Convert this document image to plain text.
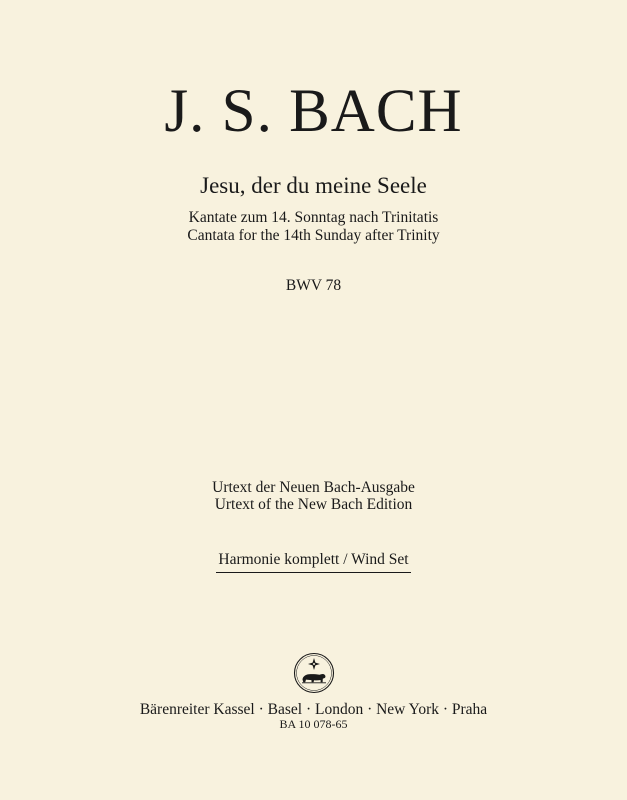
J. S. BACH
Jesu, der du meine Seele
Kantate zum 14. Sonntag nach Trinitatis
Cantata for the 14th Sunday after Trinity
BWV 78
Urtext der Neuen Bach-Ausgabe
Urtext of the New Bach Edition
Harmonie komplett / Wind Set
Bärenreiter Kassel · Basel · London · New York · Praha
BA 10 078-65
